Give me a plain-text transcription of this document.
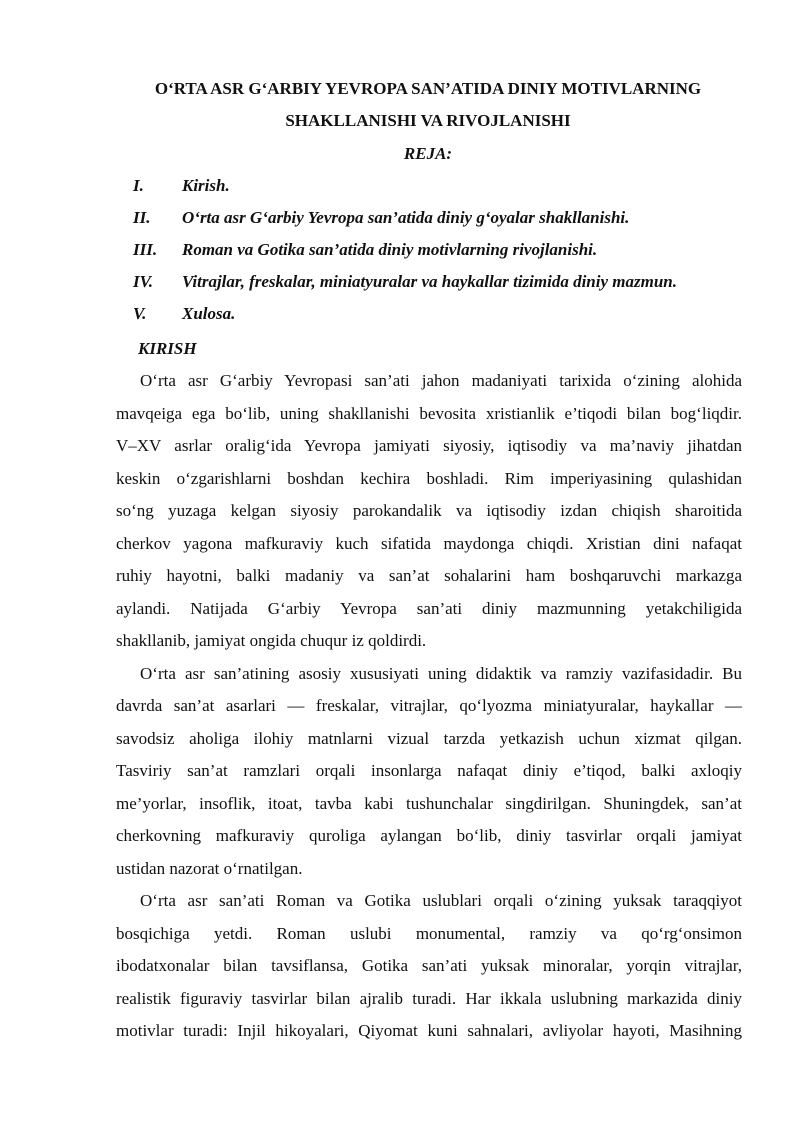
O‘RTA ASR G‘ARBIY YEVROPA SAN’ATIDA DINIY MOTIVLARNING
SHAKLLANISHI VA RIVOJLANISHI
REJA:
I. Kirish.
II. O‘rta asr G‘arbiy Yevropa san’atida diniy g‘oyalar shakllanishi.
III. Roman va Gotika san’atida diniy motivlarning rivojlanishi.
IV. Vitrajlar, freskalar, miniatyuralar va haykallar tizimida diniy mazmun.
V. Xulosa.
KIRISH
O‘rta asr G‘arbiy Yevropasi san’ati jahon madaniyati tarixida o‘zining alohida
mavqeiga ega bo‘lib, uning shakllanishi bevosita xristianlik e’tiqodi bilan bog‘liqdir.
V–XV asrlar oralig‘ida Yevropa jamiyati siyosiy, iqtisodiy va ma’naviy jihatdan
keskin o‘zgarishlarni boshdan kechira boshladi. Rim imperiyasining qulashidan
so‘ng yuzaga kelgan siyosiy parokandalik va iqtisodiy izdan chiqish sharoitida
cherkov yagona mafkuraviy kuch sifatida maydonga chiqdi. Xristian dini nafaqat
ruhiy hayotni, balki madaniy va san’at sohalarini ham boshqaruvchi markazga
aylandi. Natijada G‘arbiy Yevropa san’ati diniy mazmunning yetakchiligida
shakllanib, jamiyat ongida chuqur iz qoldirdi.
O‘rta asr san’atining asosiy xususiyati uning didaktik va ramziy vazifasidadir. Bu
davrda san’at asarlari — freskalar, vitrajlar, qo‘lyozma miniatyuralar, haykallar —
savodsiz aholiga ilohiy matnlarni vizual tarzda yetkazish uchun xizmat qilgan.
Tasviriy san’at ramzlari orqali insonlarga nafaqat diniy e’tiqod, balki axloqiy
me’yorlar, insoflik, itoat, tavba kabi tushunchalar singdirilgan. Shuningdek, san’at
cherkovning mafkuraviy quroliga aylangan bo‘lib, diniy tasvirlar orqali jamiyat
ustidan nazorat o‘rnatilgan.
O‘rta asr san’ati Roman va Gotika uslublari orqali o‘zining yuksak taraqqiyot
bosqichiga yetdi. Roman uslubi monumental, ramziy va qo‘rg‘onsimon
ibodatxonalar bilan tavsiflansa, Gotika san’ati yuksak minoralar, yorqin vitrajlar,
realistik figuraviy tasvirlar bilan ajralib turadi. Har ikkala uslubning markazida diniy
motivlar turadi: Injil hikoyalari, Qiyomat kuni sahnalari, avliyolar hayoti, Masihning
